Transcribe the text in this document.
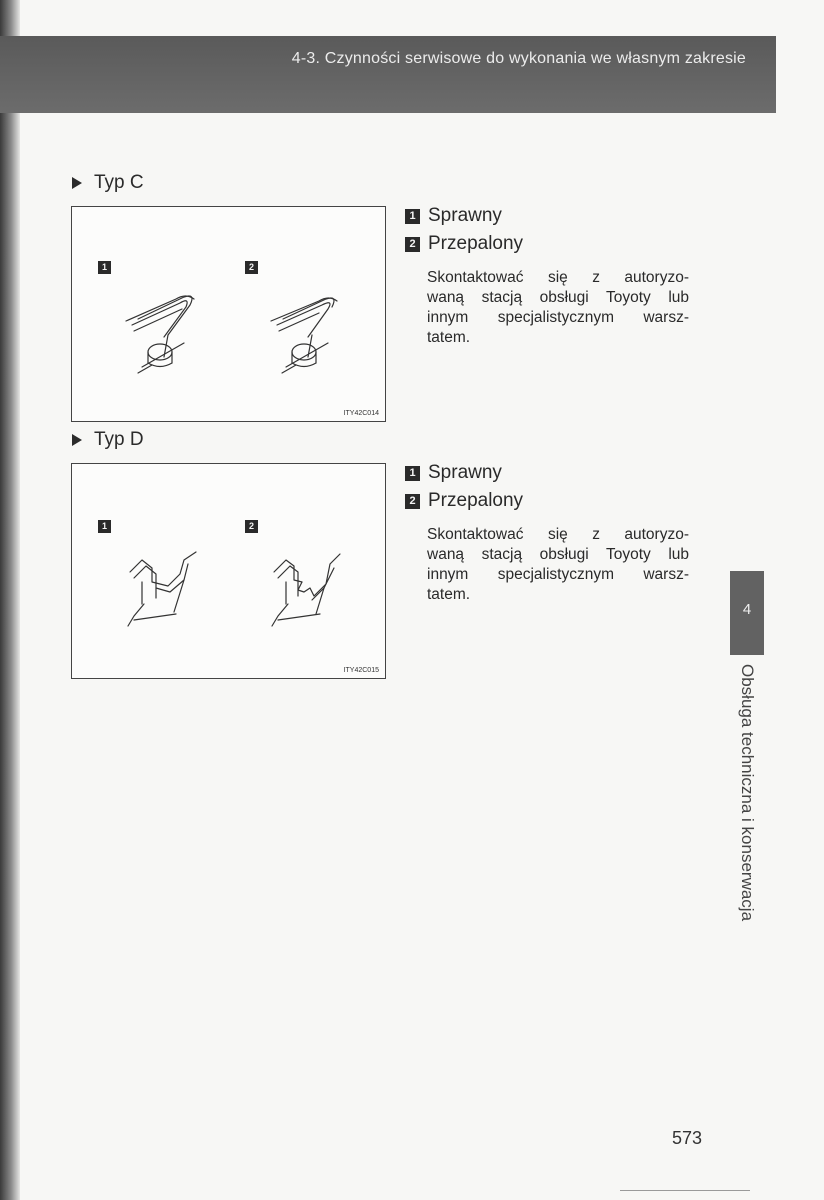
4-3. Czynności serwisowe do wykonania we własnym zakresie
Typ C
1	2
ITY42C014
1 Sprawny
2 Przepalony
Skontaktować się z autoryzo-
waną stacją obsługi Toyoty lub
innym specjalistycznym warsz-
tatem.
Typ D
1	2
ITY42C015
1 Sprawny
2 Przepalony
Skontaktować się z autoryzo-
waną stacją obsługi Toyoty lub
innym specjalistycznym warsz-
tatem.
4
Obsługa techniczna i konserwacja
573
